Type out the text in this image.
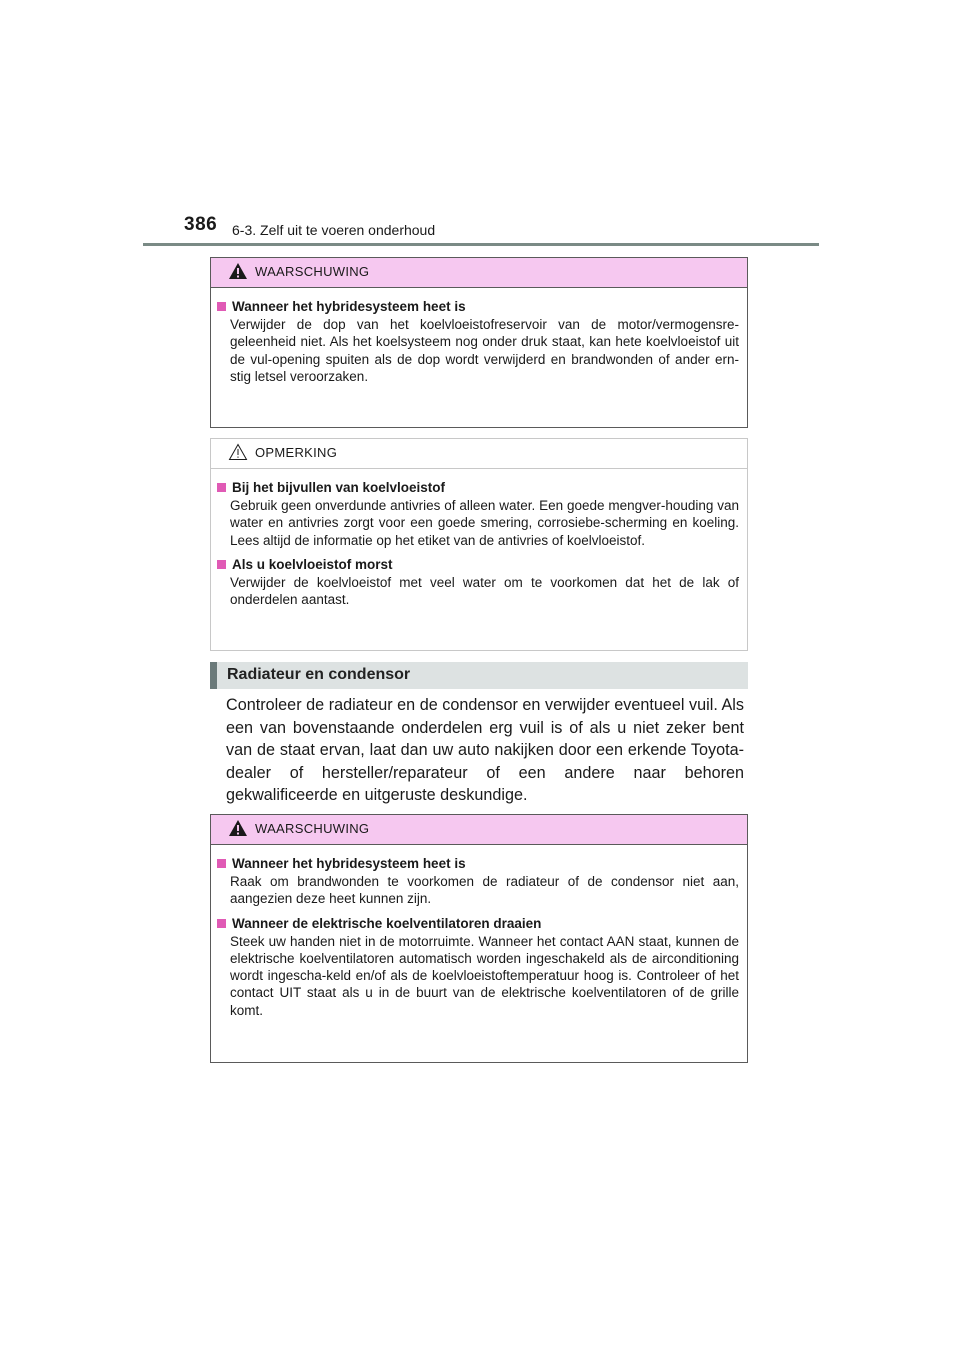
386 6-3. Zelf uit te voeren onderhoud
WAARSCHUWING
Wanneer het hybridesysteem heet is
Verwijder de dop van het koelvloeistofreservoir van de motor/vermogensre-geleenheid niet. Als het koelsysteem nog onder druk staat, kan hete koelvloeistof uit de vul-opening spuiten als de dop wordt verwijderd en brandwonden of ander ern-stig letsel veroorzaken.
OPMERKING
Bij het bijvullen van koelvloeistof
Gebruik geen onverdunde antivries of alleen water. Een goede mengver-houding van water en antivries zorgt voor een goede smering, corrosiebe-scherming en koeling. Lees altijd de informatie op het etiket van de antivries of koelvloeistof.
Als u koelvloeistof morst
Verwijder de koelvloeistof met veel water om te voorkomen dat het de lak of onderdelen aantast.
Radiateur en condensor
Controleer de radiateur en de condensor en verwijder eventueel vuil. Als een van bovenstaande onderdelen erg vuil is of als u niet zeker bent van de staat ervan, laat dan uw auto nakijken door een erkende Toyota-dealer of hersteller/reparateur of een andere naar behoren gekwalificeerde en uitgeruste deskundige.
WAARSCHUWING
Wanneer het hybridesysteem heet is
Raak om brandwonden te voorkomen de radiateur of de condensor niet aan, aangezien deze heet kunnen zijn.
Wanneer de elektrische koelventilatoren draaien
Steek uw handen niet in de motorruimte. Wanneer het contact AAN staat, kunnen de elektrische koelventilatoren automatisch worden ingeschakeld als de airconditioning wordt ingescha-keld en/of als de koelvloeistoftemperatuur hoog is. Controleer of het contact UIT staat als u in de buurt van de elektrische koelventilatoren of de grille komt.
